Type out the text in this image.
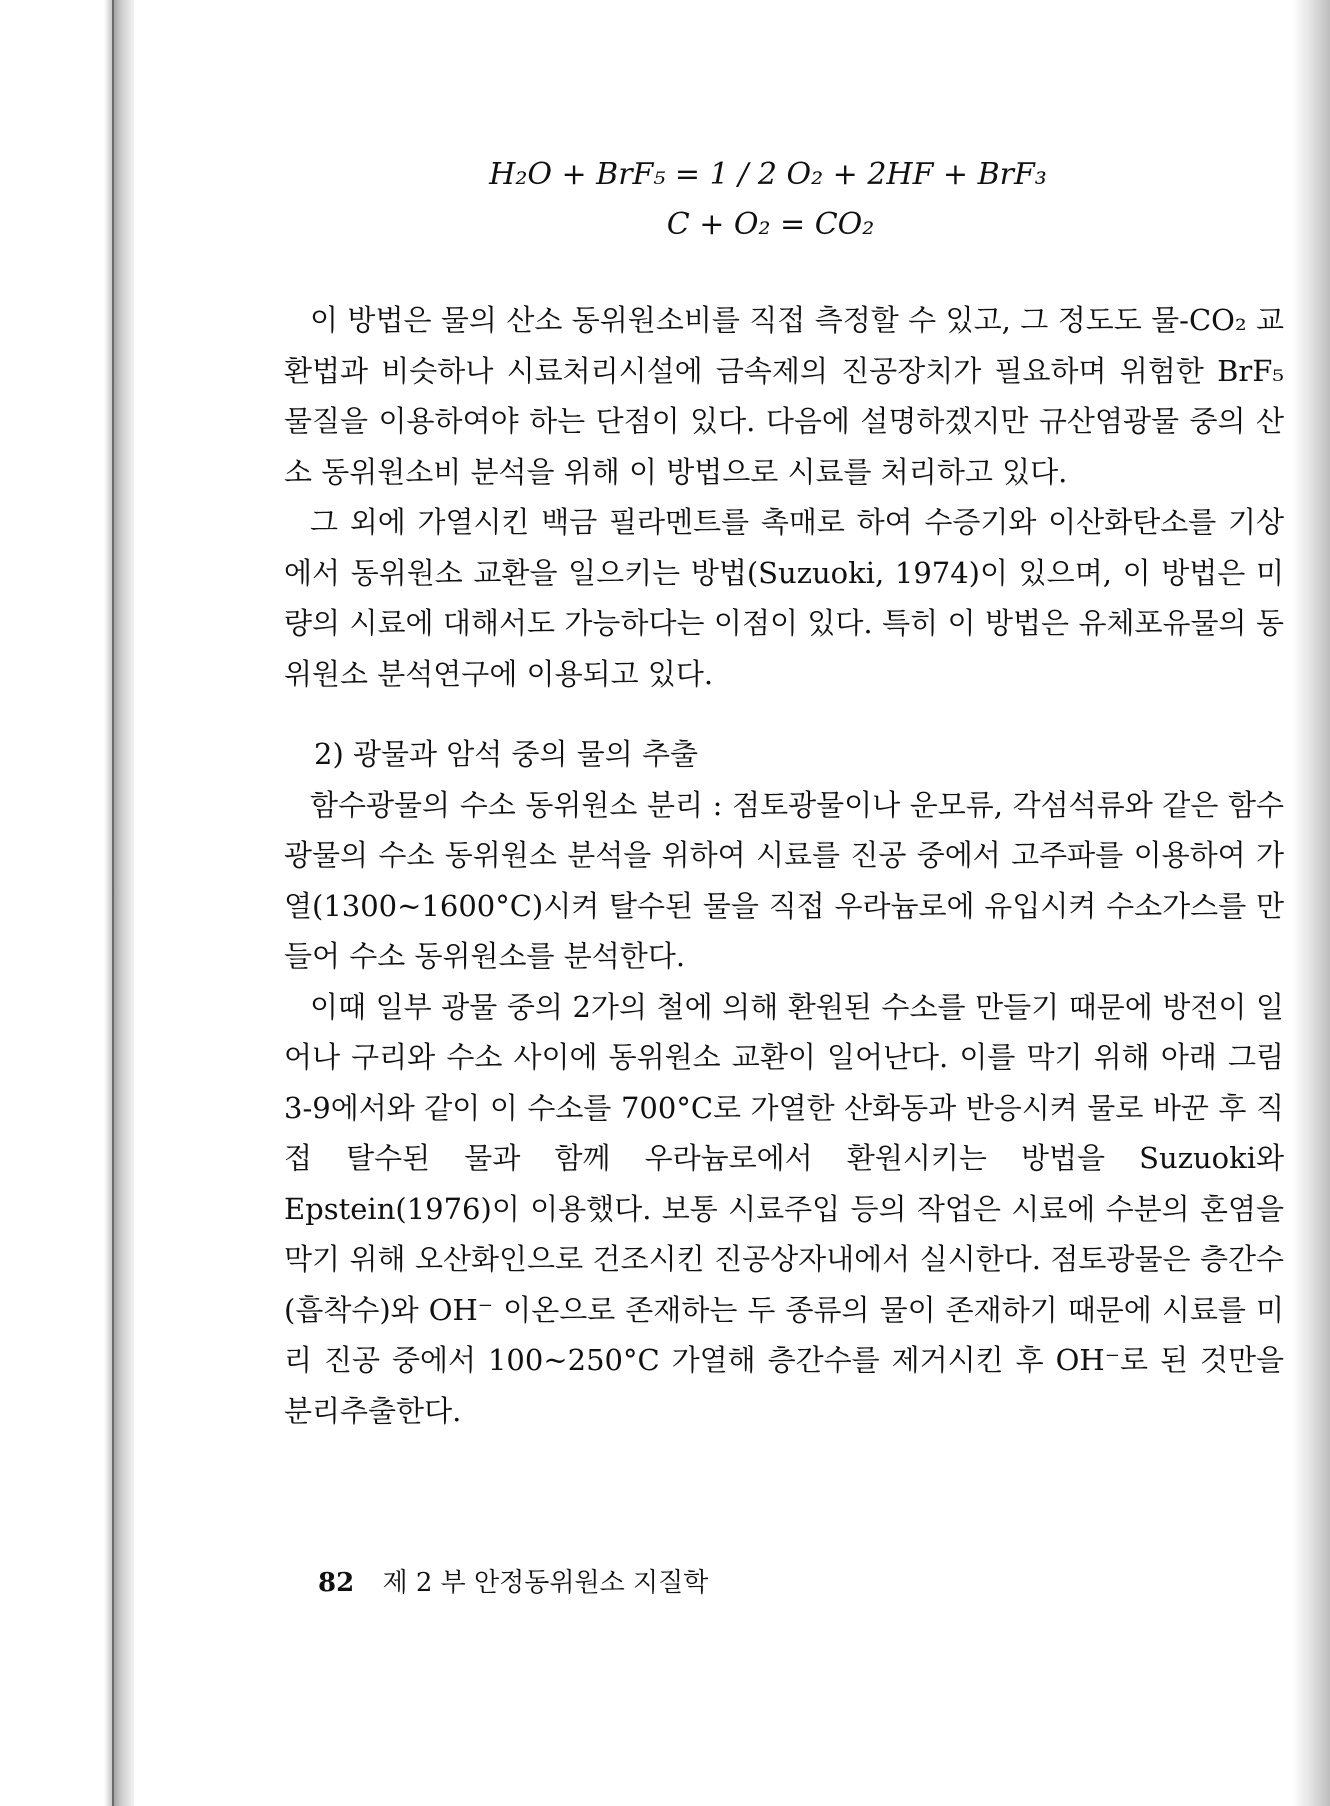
H₂O + BrF₅ = 1 / 2 O₂ + 2HF + BrF₃
C + O₂ = CO₂

이 방법은 물의 산소 동위원소비를 직접 측정할 수 있고, 그 정도도 물-CO₂ 교환법과 비슷하나 시료처리시설에 금속제의 진공장치가 필요하며 위험한 BrF₅ 물질을 이용하여야 하는 단점이 있다. 다음에 설명하겠지만 규산염광물 중의 산소 동위원소비 분석을 위해 이 방법으로 시료를 처리하고 있다.

그 외에 가열시킨 백금 필라멘트를 촉매로 하여 수증기와 이산화탄소를 기상에서 동위원소 교환을 일으키는 방법(Suzuoki, 1974)이 있으며, 이 방법은 미량의 시료에 대해서도 가능하다는 이점이 있다. 특히 이 방법은 유체포유물의 동위원소 분석연구에 이용되고 있다.

2) 광물과 암석 중의 물의 추출

함수광물의 수소 동위원소 분리 : 점토광물이나 운모류, 각섬석류와 같은 함수광물의 수소 동위원소 분석을 위하여 시료를 진공 중에서 고주파를 이용하여 가열(1300~1600°C)시켜 탈수된 물을 직접 우라늄로에 유입시켜 수소가스를 만들어 수소 동위원소를 분석한다.

이때 일부 광물 중의 2가의 철에 의해 환원된 수소를 만들기 때문에 방전이 일어나 구리와 수소 사이에 동위원소 교환이 일어난다. 이를 막기 위해 아래 그림 3-9에서와 같이 이 수소를 700°C로 가열한 산화동과 반응시켜 물로 바꾼 후 직접 탈수된 물과 함께 우라늄로에서 환원시키는 방법을 Suzuoki와 Epstein(1976)이 이용했다. 보통 시료주입 등의 작업은 시료에 수분의 혼염을 막기 위해 오산화인으로 건조시킨 진공상자내에서 실시한다. 점토광물은 층간수(흡착수)와 OH⁻ 이온으로 존재하는 두 종류의 물이 존재하기 때문에 시료를 미리 진공 중에서 100~250°C 가열해 층간수를 제거시킨 후 OH⁻로 된 것만을 분리추출한다.

82 제 2 부 안정동위원소 지질학
